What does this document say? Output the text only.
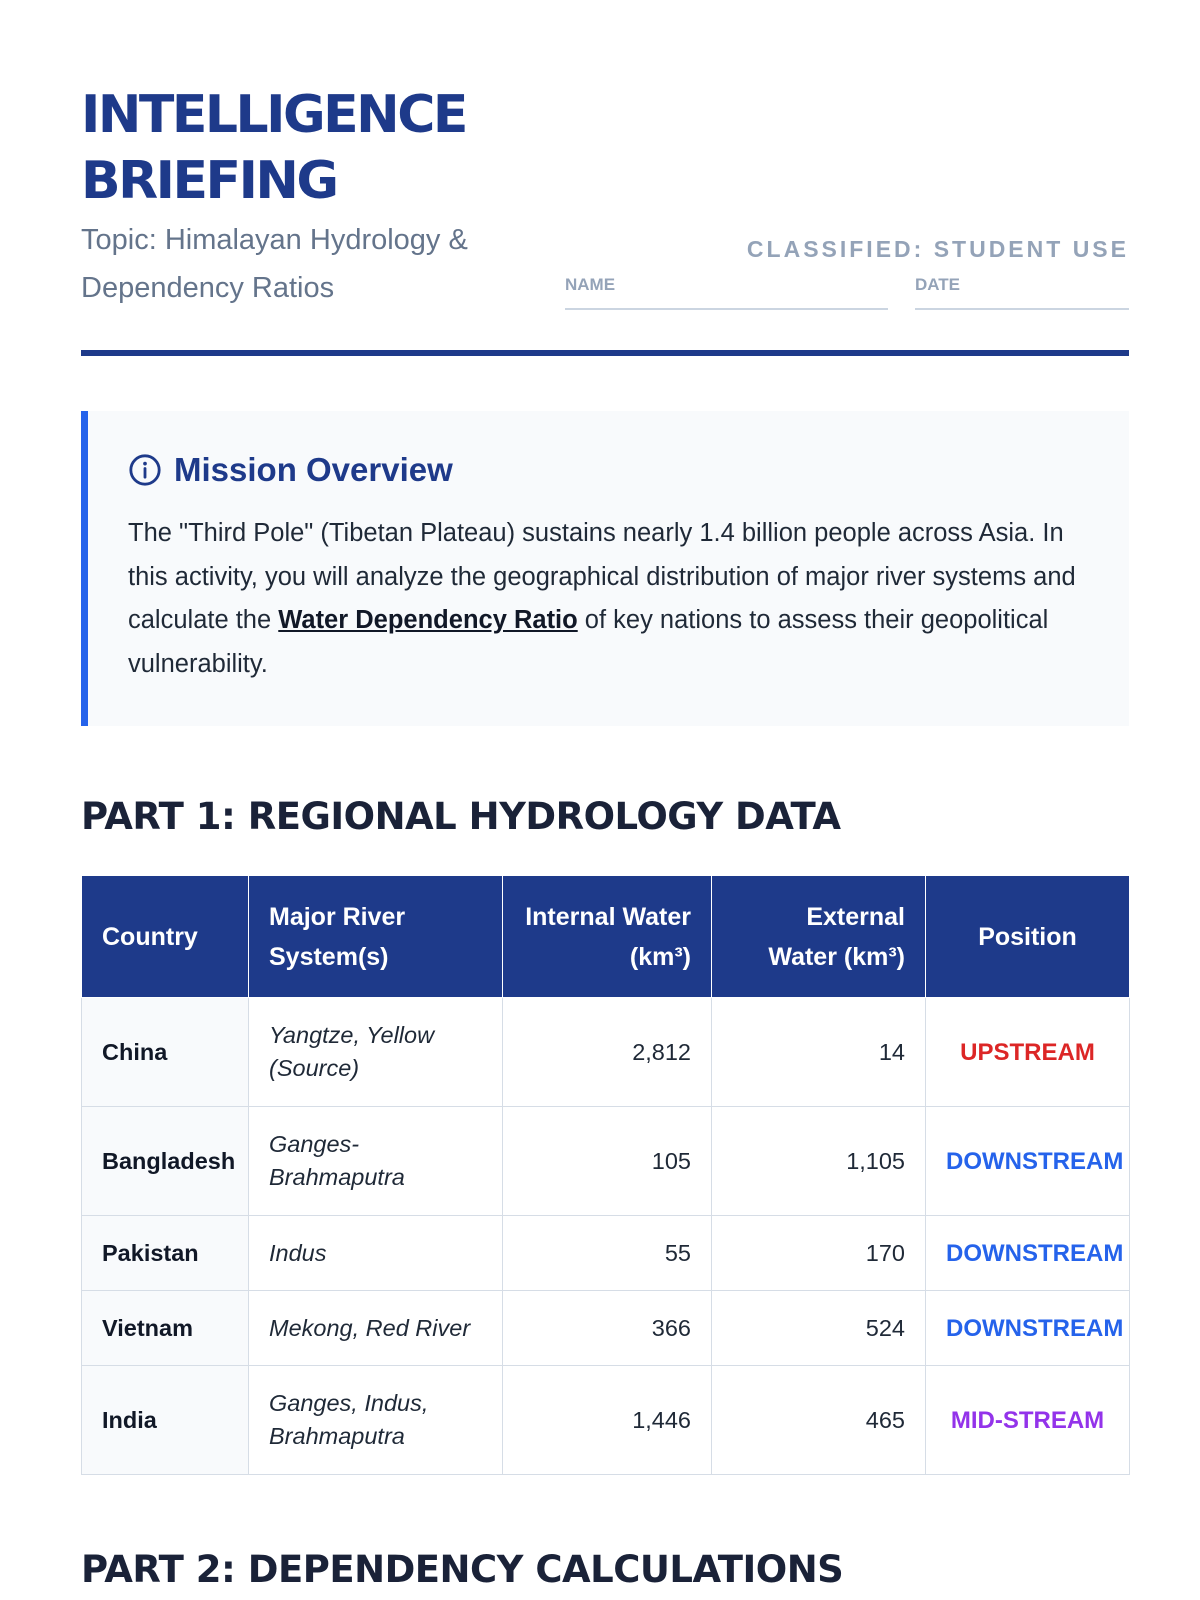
INTELLIGENCE
BRIEFING

Topic: Himalayan Hydrology & Dependency Ratios

CLASSIFIED: STUDENT USE
NAME	DATE
Mission Overview

The "Third Pole" (Tibetan Plateau) sustains nearly 1.4 billion people across Asia. In this activity, you will analyze the geographical distribution of major river systems and calculate the Water Dependency Ratio of key nations to assess their geopolitical vulnerability.

PART 1: REGIONAL HYDROLOGY DATA
Country	Major River System(s)	Internal Water (km³)	External Water (km³)	Position
China	Yangtze, Yellow (Source)	2,812	14	UPSTREAM
Bangladesh	Ganges-Brahmaputra	105	1,105	DOWNSTREAM
Pakistan	Indus	55	170	DOWNSTREAM
Vietnam	Mekong, Red River	366	524	DOWNSTREAM
India	Ganges, Indus, Brahmaputra	1,446	465	MID-STREAM
PART 2: DEPENDENCY CALCULATIONS
